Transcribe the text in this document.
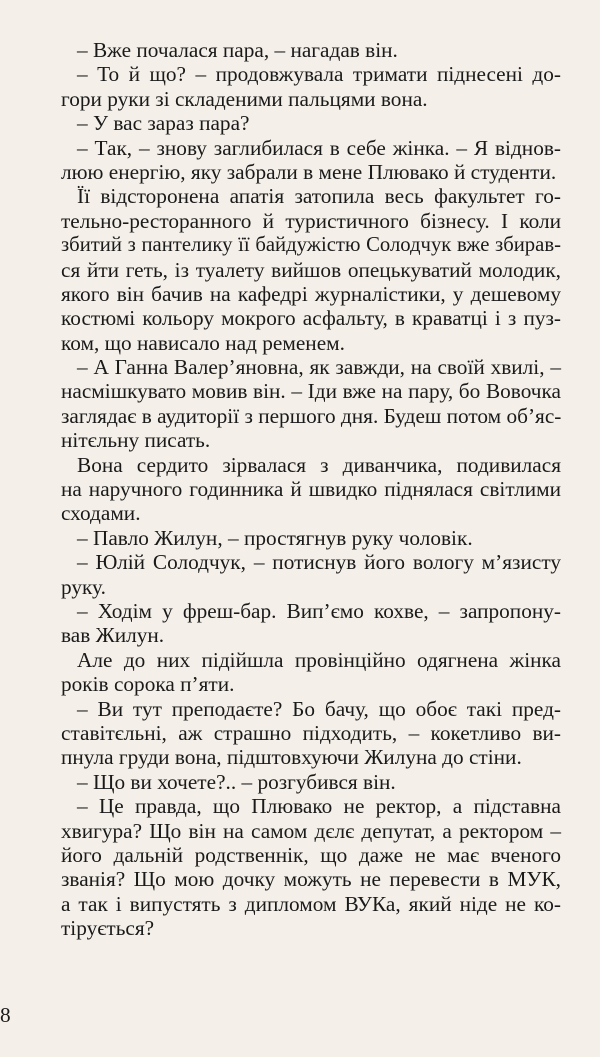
– Вже почалася пара, – нагадав він.
– То й що? – продовжувала тримати піднесені до-
гори руки зі складеними пальцями вона.
– У вас зараз пара?
– Так, – знову заглибилася в себе жінка. – Я віднов-
люю енергію, яку забрали в мене Плювако й студенти.
Її відсторонена апатія затопила весь факультет го-
тельно-ресторанного й туристичного бізнесу. І коли
збитий з пантелику її байдужістю Солодчук вже збирав-
ся йти геть, із туалету вийшов опецькуватий молодик,
якого він бачив на кафедрі журналістики, у дешевому
костюмі кольору мокрого асфальту, в краватці і з пуз-
ком, що нависало над ременем.
– А Ганна Валер’яновна, як завжди, на своїй хвилі, –
насмішкувато мовив він. – Іди вже на пару, бо Вовочка
заглядає в аудиторії з першого дня. Будеш потом об’яс-
нітєльну писать.
Вона сердито зірвалася з диванчика, подивилася
на наручного годинника й швидко піднялася світлими
сходами.
– Павло Жилун, – простягнув руку чоловік.
– Юлій Солодчук, – потиснув його вологу м’язисту
руку.
– Ходім у фреш-бар. Вип’ємо кохве, – запропону-
вав Жилун.
Але до них підійшла провінційно одягнена жінка
років сорока п’яти.
– Ви тут преподаєте? Бо бачу, що обоє такі пред-
ставітєльні, аж страшно підходить, – кокетливо ви-
пнула груди вона, підштовхуючи Жилуна до стіни.
– Що ви хочете?.. – розгубився він.
– Це правда, що Плювако не ректор, а підставна
хвигура? Що він на самом дєлє депутат, а ректором –
його дальній родственнік, що даже не має вченого
званія? Що мою дочку можуть не перевести в МУК,
а так і випустять з дипломом ВУКа, який ніде не ко-
тірується?
8
